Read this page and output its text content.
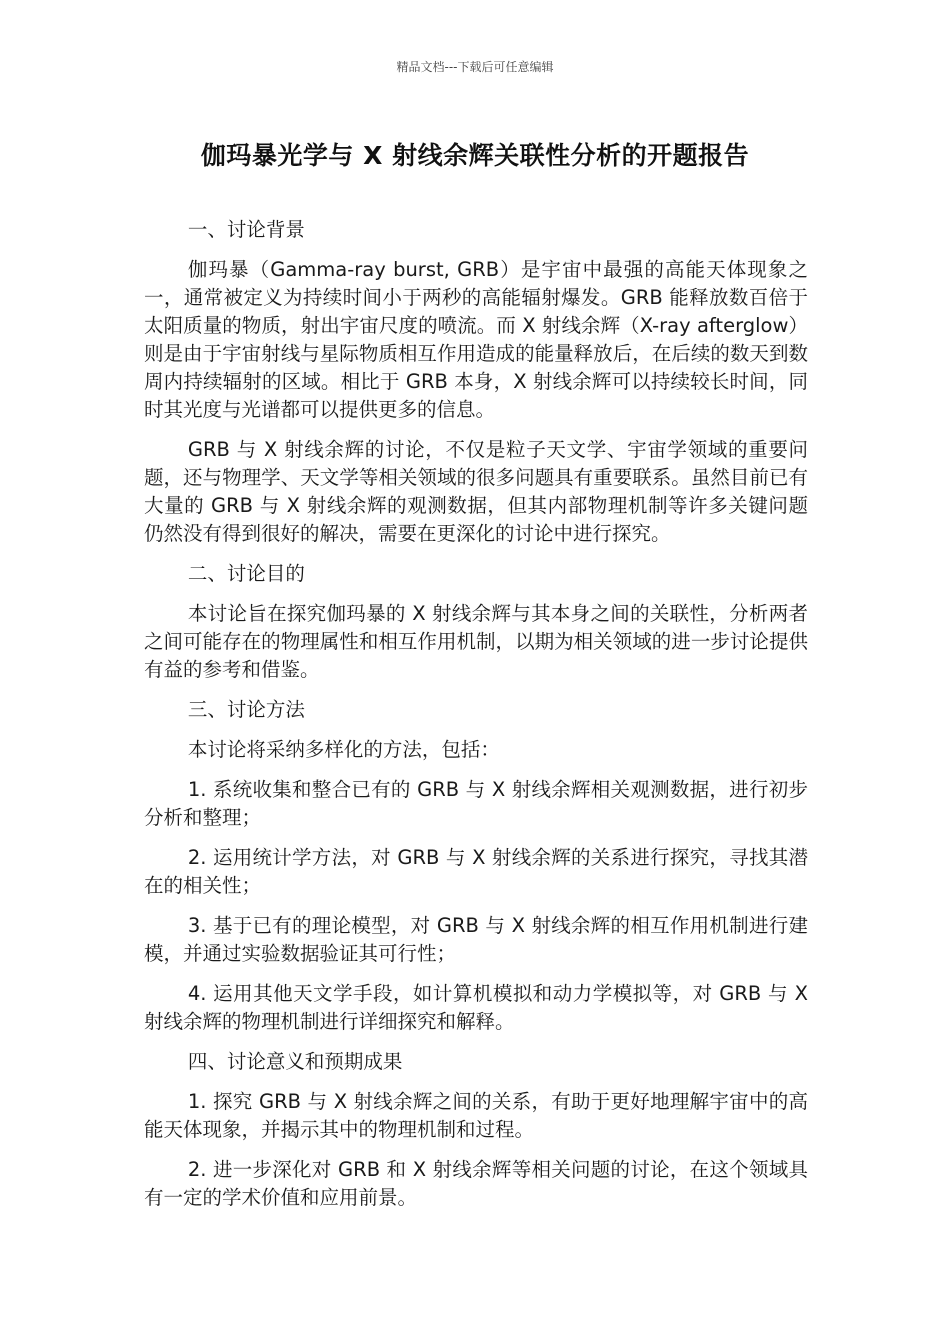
精品文档---下载后可任意编辑
伽玛暴光学与 X 射线余辉关联性分析的开题报告

一、讨论背景

伽玛暴（Gamma-ray burst, GRB）是宇宙中最强的高能天体现象之一，通常被定义为持续时间小于两秒的高能辐射爆发。GRB 能释放数百倍于太阳质量的物质，射出宇宙尺度的喷流。而 X 射线余辉（X-ray afterglow）则是由于宇宙射线与星际物质相互作用造成的能量释放后，在后续的数天到数周内持续辐射的区域。相比于 GRB 本身，X 射线余辉可以持续较长时间，同时其光度与光谱都可以提供更多的信息。

GRB 与 X 射线余辉的讨论，不仅是粒子天文学、宇宙学领域的重要问题，还与物理学、天文学等相关领域的很多问题具有重要联系。虽然目前已有大量的 GRB 与 X 射线余辉的观测数据，但其内部物理机制等许多关键问题仍然没有得到很好的解决，需要在更深化的讨论中进行探究。

二、讨论目的

本讨论旨在探究伽玛暴的 X 射线余辉与其本身之间的关联性，分析两者之间可能存在的物理属性和相互作用机制，以期为相关领域的进一步讨论提供有益的参考和借鉴。

三、讨论方法

本讨论将采纳多样化的方法，包括：

1. 系统收集和整合已有的 GRB 与 X 射线余辉相关观测数据，进行初步分析和整理；

2. 运用统计学方法，对 GRB 与 X 射线余辉的关系进行探究，寻找其潜在的相关性；

3. 基于已有的理论模型，对 GRB 与 X 射线余辉的相互作用机制进行建模，并通过实验数据验证其可行性；

4. 运用其他天文学手段，如计算机模拟和动力学模拟等，对 GRB 与 X 射线余辉的物理机制进行详细探究和解释。

四、讨论意义和预期成果

1. 探究 GRB 与 X 射线余辉之间的关系，有助于更好地理解宇宙中的高能天体现象，并揭示其中的物理机制和过程。

2. 进一步深化对 GRB 和 X 射线余辉等相关问题的讨论，在这个领域具有一定的学术价值和应用前景。
